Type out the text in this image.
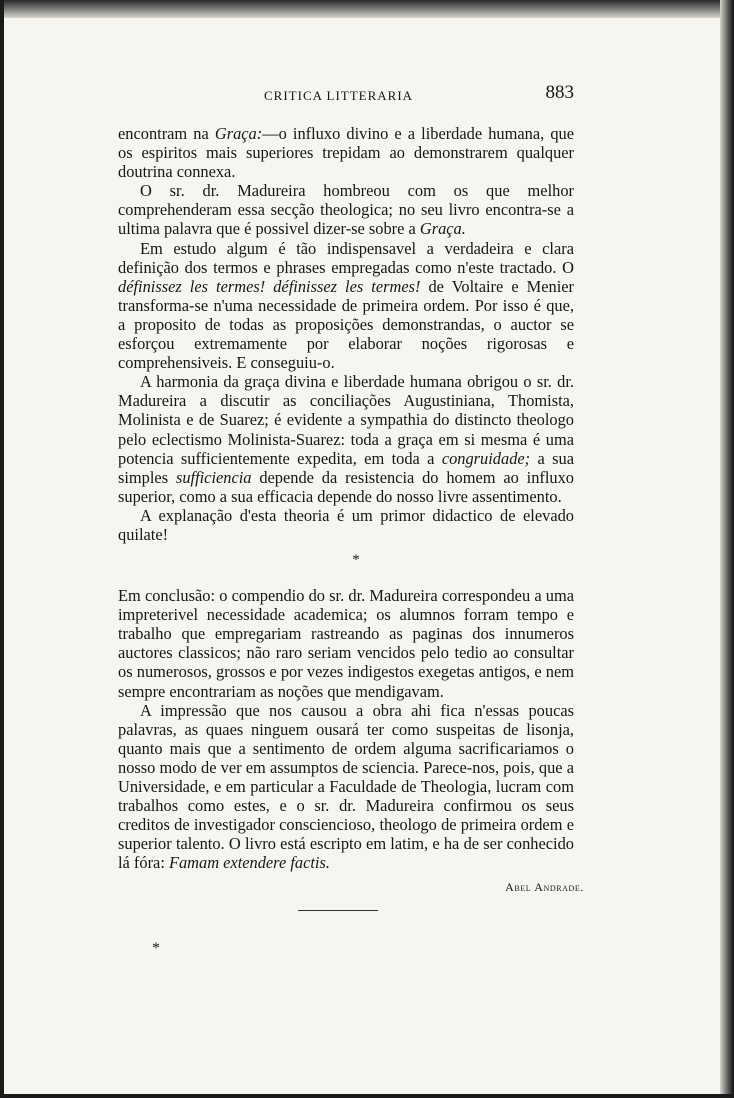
CRITICA LITTERARIA	883

encontram na Graça:—o influxo divino e a liberdade humana, que os espiritos mais superiores trepidam ao demonstrarem qualquer doutrina connexa.

O sr. dr. Madureira hombreou com os que melhor comprehenderam essa secção theologica; no seu livro encontra-se a ultima palavra que é possivel dizer-se sobre a Graça.

Em estudo algum é tão indispensavel a verdadeira e clara definição dos termos e phrases empregadas como n'este tractado. O définissez les termes! définissez les termes! de Voltaire e Menier transforma-se n'uma necessidade de primeira ordem. Por isso é que, a proposito de todas as proposições demonstrandas, o auctor se esforçou extremamente por elaborar noções rigorosas e comprehensiveis. E conseguiu-o.

A harmonia da graça divina e liberdade humana obrigou o sr. dr. Madureira a discutir as conciliações Augustiniana, Thomista, Molinista e de Suarez; é evidente a sympathia do distincto theologo pelo eclectismo Molinista-Suarez: toda a graça em si mesma é uma potencia sufficientemente expedita, em toda a congruidade; a sua simples sufficiencia depende da resistencia do homem ao influxo superior, como a sua efficacia depende do nosso livre assentimento.

A explanação d'esta theoria é um primor didactico de elevado quilate!

*

Em conclusão: o compendio do sr. dr. Madureira correspondeu a uma impreterivel necessidade academica; os alumnos forram tempo e trabalho que empregariam rastreando as paginas dos innumeros auctores classicos; não raro seriam vencidos pelo tedio ao consultar os numerosos, grossos e por vezes indigestos exegetas antigos, e nem sempre encontrariam as noções que mendigavam.

A impressão que nos causou a obra ahi fica n'essas poucas palavras, as quaes ninguem ousará ter como suspeitas de lisonja, quanto mais que a sentimento de ordem alguma sacrificariamos o nosso modo de ver em assumptos de sciencia. Parece-nos, pois, que a Universidade, e em particular a Faculdade de Theologia, lucram com trabalhos como estes, e o sr. dr. Madureira confirmou os seus creditos de investigador consciencioso, theologo de primeira ordem e superior talento. O livro está escripto em latim, e ha de ser conhecido lá fóra: Famam extendere factis.

Abel Andrade.
*
